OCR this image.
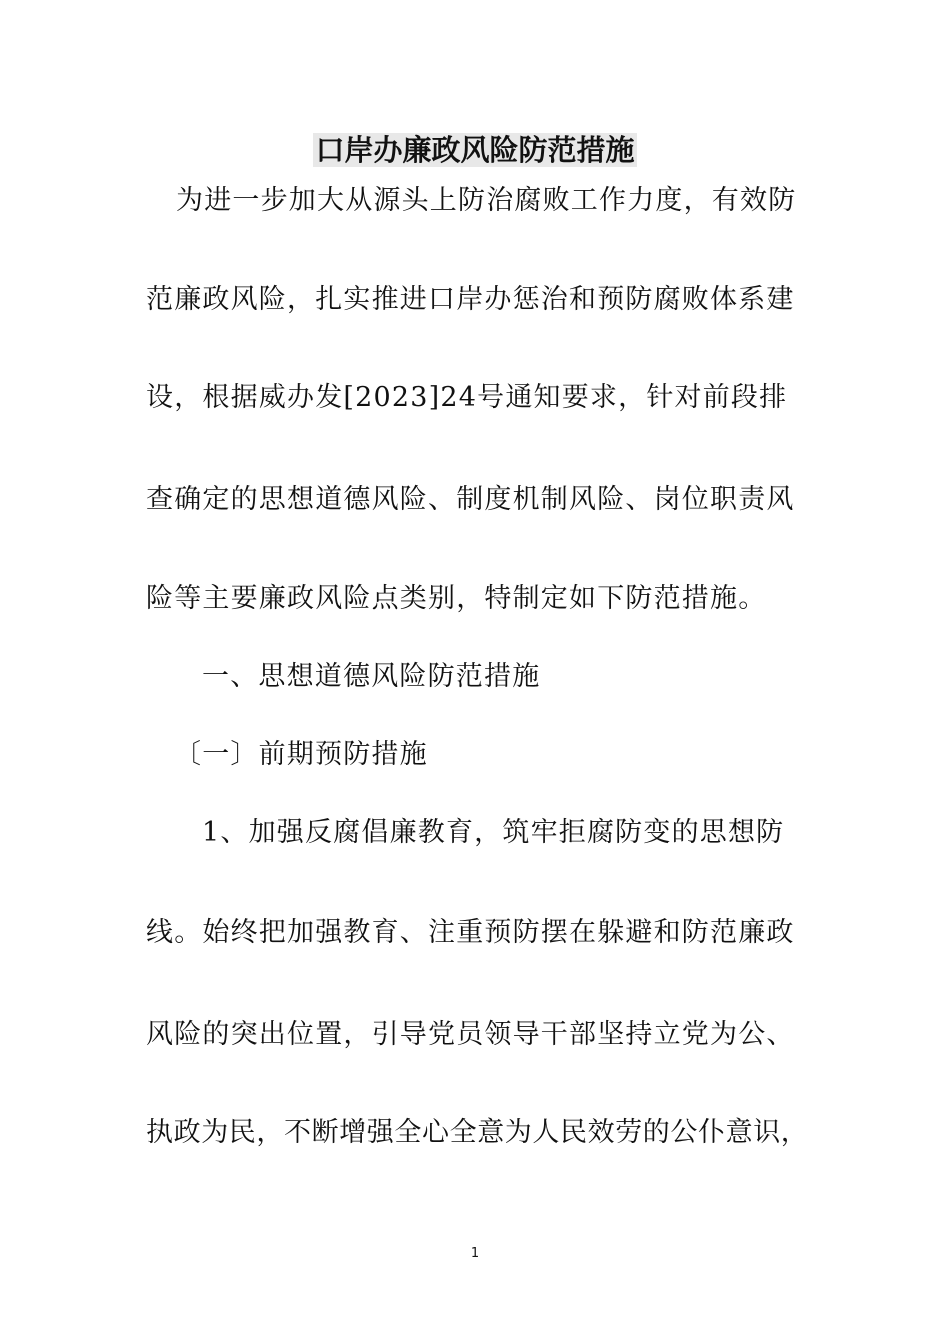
口岸办廉政风险防范措施
为进一步加大从源头上防治腐败工作力度，有效防
范廉政风险，扎实推进口岸办惩治和预防腐败体系建
设，根据威办发[2023]24号通知要求，针对前段排
查确定的思想道德风险、制度机制风险、岗位职责风
险等主要廉政风险点类别，特制定如下防范措施。
一、思想道德风险防范措施
〔一〕前期预防措施
1、加强反腐倡廉教育，筑牢拒腐防变的思想防
线。始终把加强教育、注重预防摆在躲避和防范廉政
风险的突出位置，引导党员领导干部坚持立党为公、
执政为民，不断增强全心全意为人民效劳的公仆意识，
1
